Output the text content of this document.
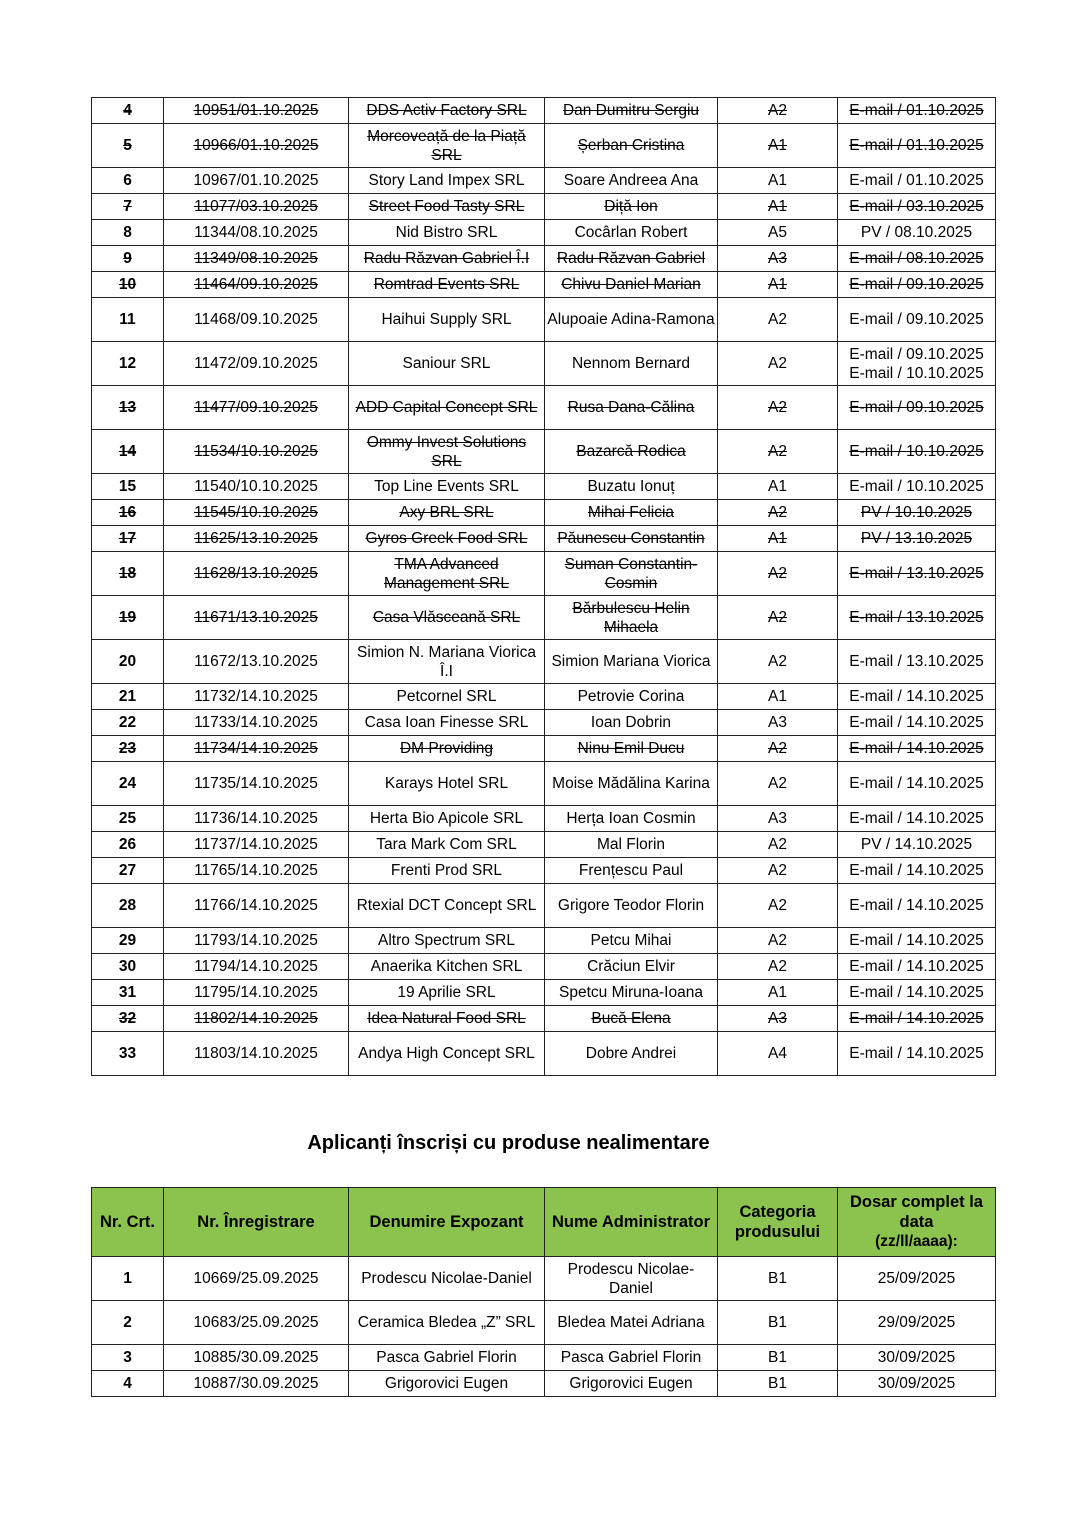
4	10951/01.10.2025	DDS Activ Factory SRL	Dan Dumitru Sergiu	A2	E-mail / 01.10.2025
5	10966/01.10.2025	Morcoveață de la Piață SRL	Șerban Cristina	A1	E-mail / 01.10.2025
6	10967/01.10.2025	Story Land Impex SRL	Soare Andreea Ana	A1	E-mail / 01.10.2025
7	11077/03.10.2025	Street Food Tasty SRL	Diță Ion	A1	E-mail / 03.10.2025
8	11344/08.10.2025	Nid Bistro SRL	Cocârlan Robert	A5	PV / 08.10.2025
9	11349/08.10.2025	Radu Răzvan Gabriel Î.I	Radu Răzvan Gabriel	A3	E-mail / 08.10.2025
10	11464/09.10.2025	Romtrad Events SRL	Chivu Daniel Marian	A1	E-mail / 09.10.2025
11	11468/09.10.2025	Haihui Supply SRL	Alupoaie Adina-Ramona	A2	E-mail / 09.10.2025
12	11472/09.10.2025	Saniour SRL	Nennom Bernard	A2	E-mail / 09.10.2025
E-mail / 10.10.2025
13	11477/09.10.2025	ADD Capital Concept SRL	Rusa Dana-Călina	A2	E-mail / 09.10.2025
14	11534/10.10.2025	Ommy Invest Solutions SRL	Bazarcă Rodica	A2	E-mail / 10.10.2025
15	11540/10.10.2025	Top Line Events SRL	Buzatu Ionuț	A1	E-mail / 10.10.2025
16	11545/10.10.2025	Axy BRL SRL	Mihai Felicia	A2	PV / 10.10.2025
17	11625/13.10.2025	Gyros Greek Food SRL	Păunescu Constantin	A1	PV / 13.10.2025
18	11628/13.10.2025	TMA Advanced Management SRL	Suman Constantin-Cosmin	A2	E-mail / 13.10.2025
19	11671/13.10.2025	Casa Vlăsceană SRL	Bărbulescu Helin Mihaela	A2	E-mail / 13.10.2025
20	11672/13.10.2025	Simion N. Mariana Viorica Î.I	Simion Mariana Viorica	A2	E-mail / 13.10.2025
21	11732/14.10.2025	Petcornel SRL	Petrovie Corina	A1	E-mail / 14.10.2025
22	11733/14.10.2025	Casa Ioan Finesse SRL	Ioan Dobrin	A3	E-mail / 14.10.2025
23	11734/14.10.2025	DM Providing	Ninu Emil Ducu	A2	E-mail / 14.10.2025
24	11735/14.10.2025	Karays Hotel SRL	Moise Mădălina Karina	A2	E-mail / 14.10.2025
25	11736/14.10.2025	Herta Bio Apicole SRL	Herța Ioan Cosmin	A3	E-mail / 14.10.2025
26	11737/14.10.2025	Tara Mark Com SRL	Mal Florin	A2	PV / 14.10.2025
27	11765/14.10.2025	Frenti Prod SRL	Frențescu Paul	A2	E-mail / 14.10.2025
28	11766/14.10.2025	Rtexial DCT Concept SRL	Grigore Teodor Florin	A2	E-mail / 14.10.2025
29	11793/14.10.2025	Altro Spectrum SRL	Petcu Mihai	A2	E-mail / 14.10.2025
30	11794/14.10.2025	Anaerika Kitchen SRL	Crăciun Elvir	A2	E-mail / 14.10.2025
31	11795/14.10.2025	19 Aprilie SRL	Spetcu Miruna-Ioana	A1	E-mail / 14.10.2025
32	11802/14.10.2025	Idea Natural Food SRL	Bucă Elena	A3	E-mail / 14.10.2025
33	11803/14.10.2025	Andya High Concept SRL	Dobre Andrei	A4	E-mail / 14.10.2025
Aplicanți înscriși cu produse nealimentare
Nr. Crt.	Nr. Înregistrare	Denumire Expozant	Nume Administrator	Categoria produsului	Dosar complet la data
(zz/ll/aaaa):

1	10669/25.09.2025	Prodescu Nicolae-Daniel	Prodescu Nicolae-Daniel	B1	25/09/2025
2	10683/25.09.2025	Ceramica Bledea „Z” SRL	Bledea Matei Adriana	B1	29/09/2025
3	10885/30.09.2025	Pasca Gabriel Florin	Pasca Gabriel Florin	B1	30/09/2025
4	10887/30.09.2025	Grigorovici Eugen	Grigorovici Eugen	B1	30/09/2025
